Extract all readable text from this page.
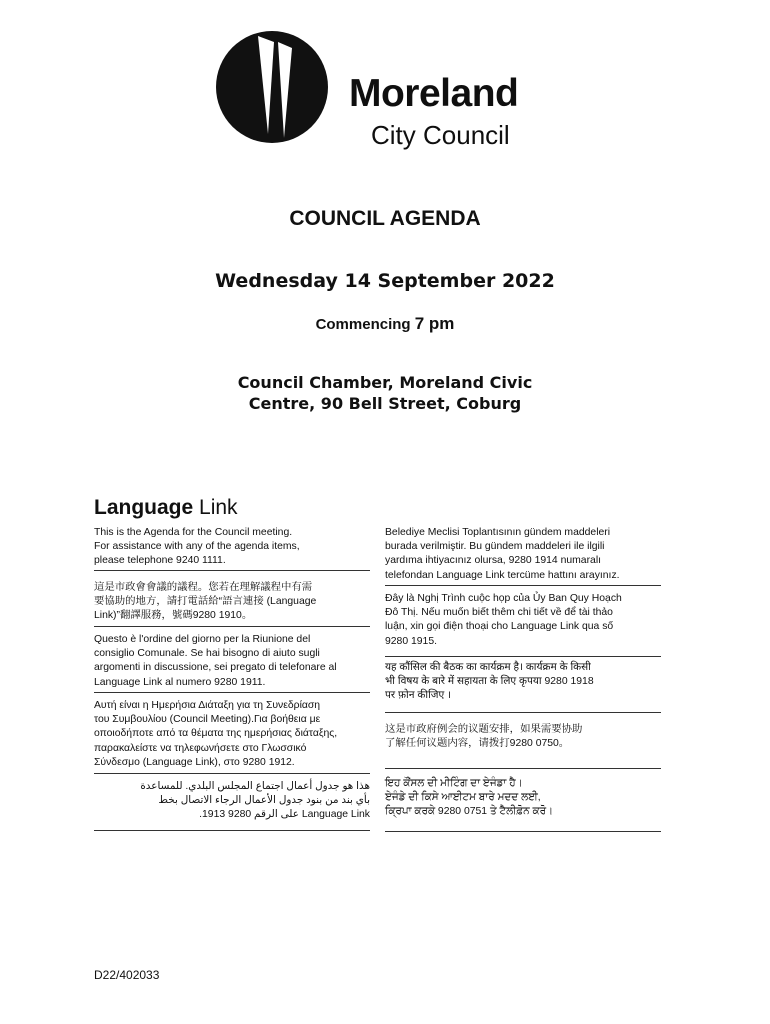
Moreland
City Council
COUNCIL AGENDA
Wednesday 14 September 2022
Commencing 7 pm
Council Chamber, Moreland Civic
Centre, 90 Bell Street, Coburg
Language Link
This is the Agenda for the Council meeting.
For assistance with any of the agenda items,
please telephone 9240 1111.
這是市政會會議的議程。您若在理解議程中有需
要協助的地方，請打電話給“語言連接 (Language
Link)”翻譯服務，號碼9280 1910。
Questo è l'ordine del giorno per la Riunione del
consiglio Comunale. Se hai bisogno di aiuto sugli
argomenti in discussione, sei pregato di telefonare al
Language Link al numero 9280 1911.
Αυτή είναι η Ημερήσια Διάταξη για τη Συνεδρίαση
του Συμβουλίου (Council Meeting).Για βοήθεια με
οποιοδήποτε από τα θέματα της ημερήσιας διάταξης,
παρακαλείστε να τηλεφωνήσετε στο Γλωσσικό
Σύνδεσμο (Language Link), στο 9280 1912.
هذا هو جدول أعمال اجتماع المجلس البلدي. للمساعدة
بأي بند من بنود جدول الأعمال الرجاء الاتصال بخط
Language Link على الرقم 9280 1913.
Belediye Meclisi Toplantısının gündem maddeleri
burada verilmiştir. Bu gündem maddeleri ile ilgili
yardıma ihtiyacınız olursa, 9280 1914 numaralı
telefondan Language Link tercüme hattını arayınız.
Đây là Nghị Trình cuộc họp của Ủy Ban Quy Hoạch
Đô Thị. Nếu muốn biết thêm chi tiết về để tài thảo
luận, xin gọi điện thoại cho Language Link qua số
9280 1915.
यह कौंसिल की बैठक का कार्यक्रम है। कार्यक्रम के किसी
भी विषय के बारे में सहायता के लिए कृपया 9280 1918
पर फ़ोन कीजिए ।
这是市政府例会的议题安排，如果需要协助
了解任何议题内容，请拨打9280 0750。
ਇਹ ਕੌਂਸਲ ਦੀ ਮੀਟਿੰਗ ਦਾ ਏਜੰਡਾ ਹੈ।
ਏਜੰਡੇ ਦੀ ਕਿਸੇ ਆਈਟਮ ਬਾਰੇ ਮਦਦ ਲਈ,
ਕ੍ਰਿਪਾ ਕਰਕੇ 9280 0751 ਤੇ ਟੈਲੀਫ਼ੋਨ ਕਰੋ।
D22/402033
